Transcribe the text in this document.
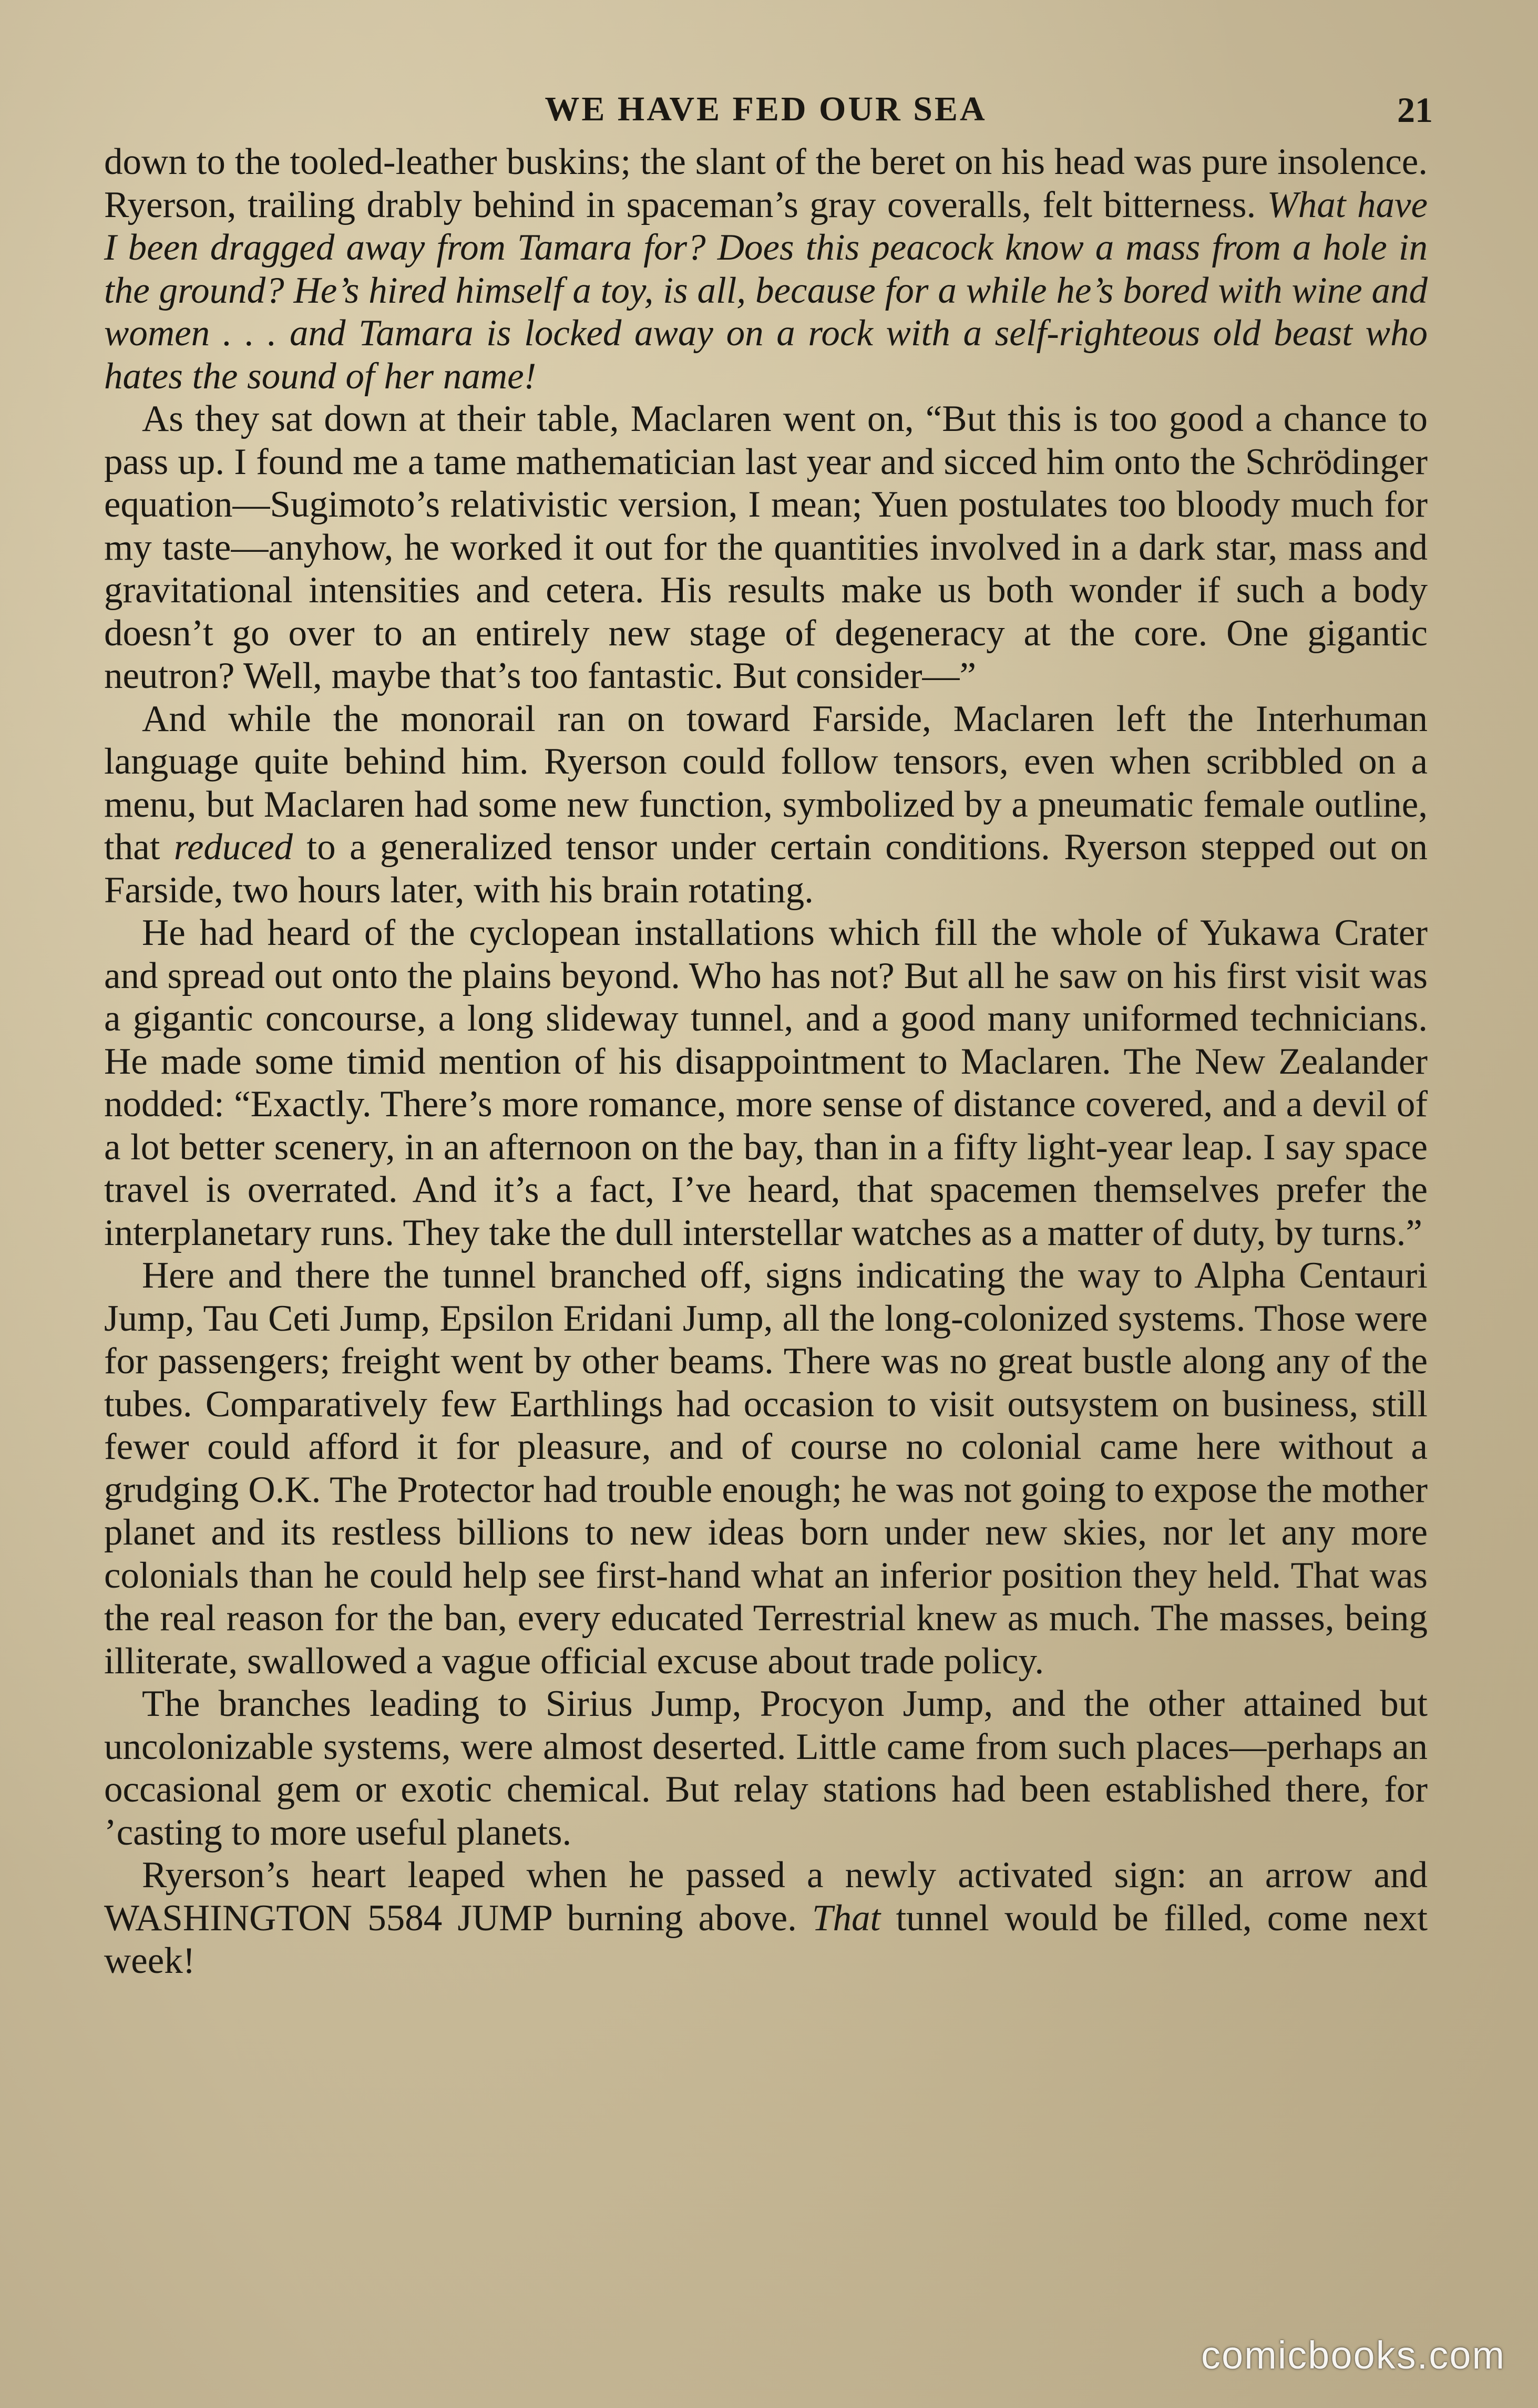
WE HAVE FED OUR SEA	21

down to the tooled-leather buskins; the slant of the beret on his head was pure insolence. Ryerson, trailing drably behind in spaceman’s gray coveralls, felt bitterness. What have I been dragged away from Tamara for? Does this peacock know a mass from a hole in the ground? He’s hired himself a toy, is all, because for a while he’s bored with wine and women . . . and Tamara is locked away on a rock with a self-righteous old beast who hates the sound of her name!

As they sat down at their table, Maclaren went on, “But this is too good a chance to pass up. I found me a tame mathematician last year and sicced him onto the Schrödinger equation—Sugimoto’s relativistic version, I mean; Yuen postulates too bloody much for my taste—anyhow, he worked it out for the quantities involved in a dark star, mass and gravitational intensities and cetera. His results make us both wonder if such a body doesn’t go over to an entirely new stage of degeneracy at the core. One gigantic neutron? Well, maybe that’s too fantastic. But consider—”

And while the monorail ran on toward Farside, Maclaren left the Interhuman language quite behind him. Ryerson could follow tensors, even when scribbled on a menu, but Maclaren had some new function, symbolized by a pneumatic female outline, that reduced to a generalized tensor under certain conditions. Ryerson stepped out on Farside, two hours later, with his brain rotating.

He had heard of the cyclopean installations which fill the whole of Yukawa Crater and spread out onto the plains beyond. Who has not? But all he saw on his first visit was a gigantic concourse, a long slideway tunnel, and a good many uniformed technicians. He made some timid mention of his disappointment to Maclaren. The New Zealander nodded: “Exactly. There’s more romance, more sense of distance covered, and a devil of a lot better scenery, in an afternoon on the bay, than in a fifty light-year leap. I say space travel is overrated. And it’s a fact, I’ve heard, that spacemen themselves prefer the interplanetary runs. They take the dull interstellar watches as a matter of duty, by turns.”

Here and there the tunnel branched off, signs indicating the way to Alpha Centauri Jump, Tau Ceti Jump, Epsilon Eridani Jump, all the long-colonized systems. Those were for passengers; freight went by other beams. There was no great bustle along any of the tubes. Comparatively few Earthlings had occasion to visit outsystem on business, still fewer could afford it for pleasure, and of course no colonial came here without a grudging O.K. The Protector had trouble enough; he was not going to expose the mother planet and its restless billions to new ideas born under new skies, nor let any more colonials than he could help see first-hand what an inferior position they held. That was the real reason for the ban, every educated Terrestrial knew as much. The masses, being illiterate, swallowed a vague official excuse about trade policy.

The branches leading to Sirius Jump, Procyon Jump, and the other attained but uncolonizable systems, were almost deserted. Little came from such places—perhaps an occasional gem or exotic chemical. But relay stations had been established there, for ’casting to more useful planets.

Ryerson’s heart leaped when he passed a newly activated sign: an arrow and WASHINGTON 5584 JUMP burning above. That tunnel would be filled, come next week!

comicbooks.com
